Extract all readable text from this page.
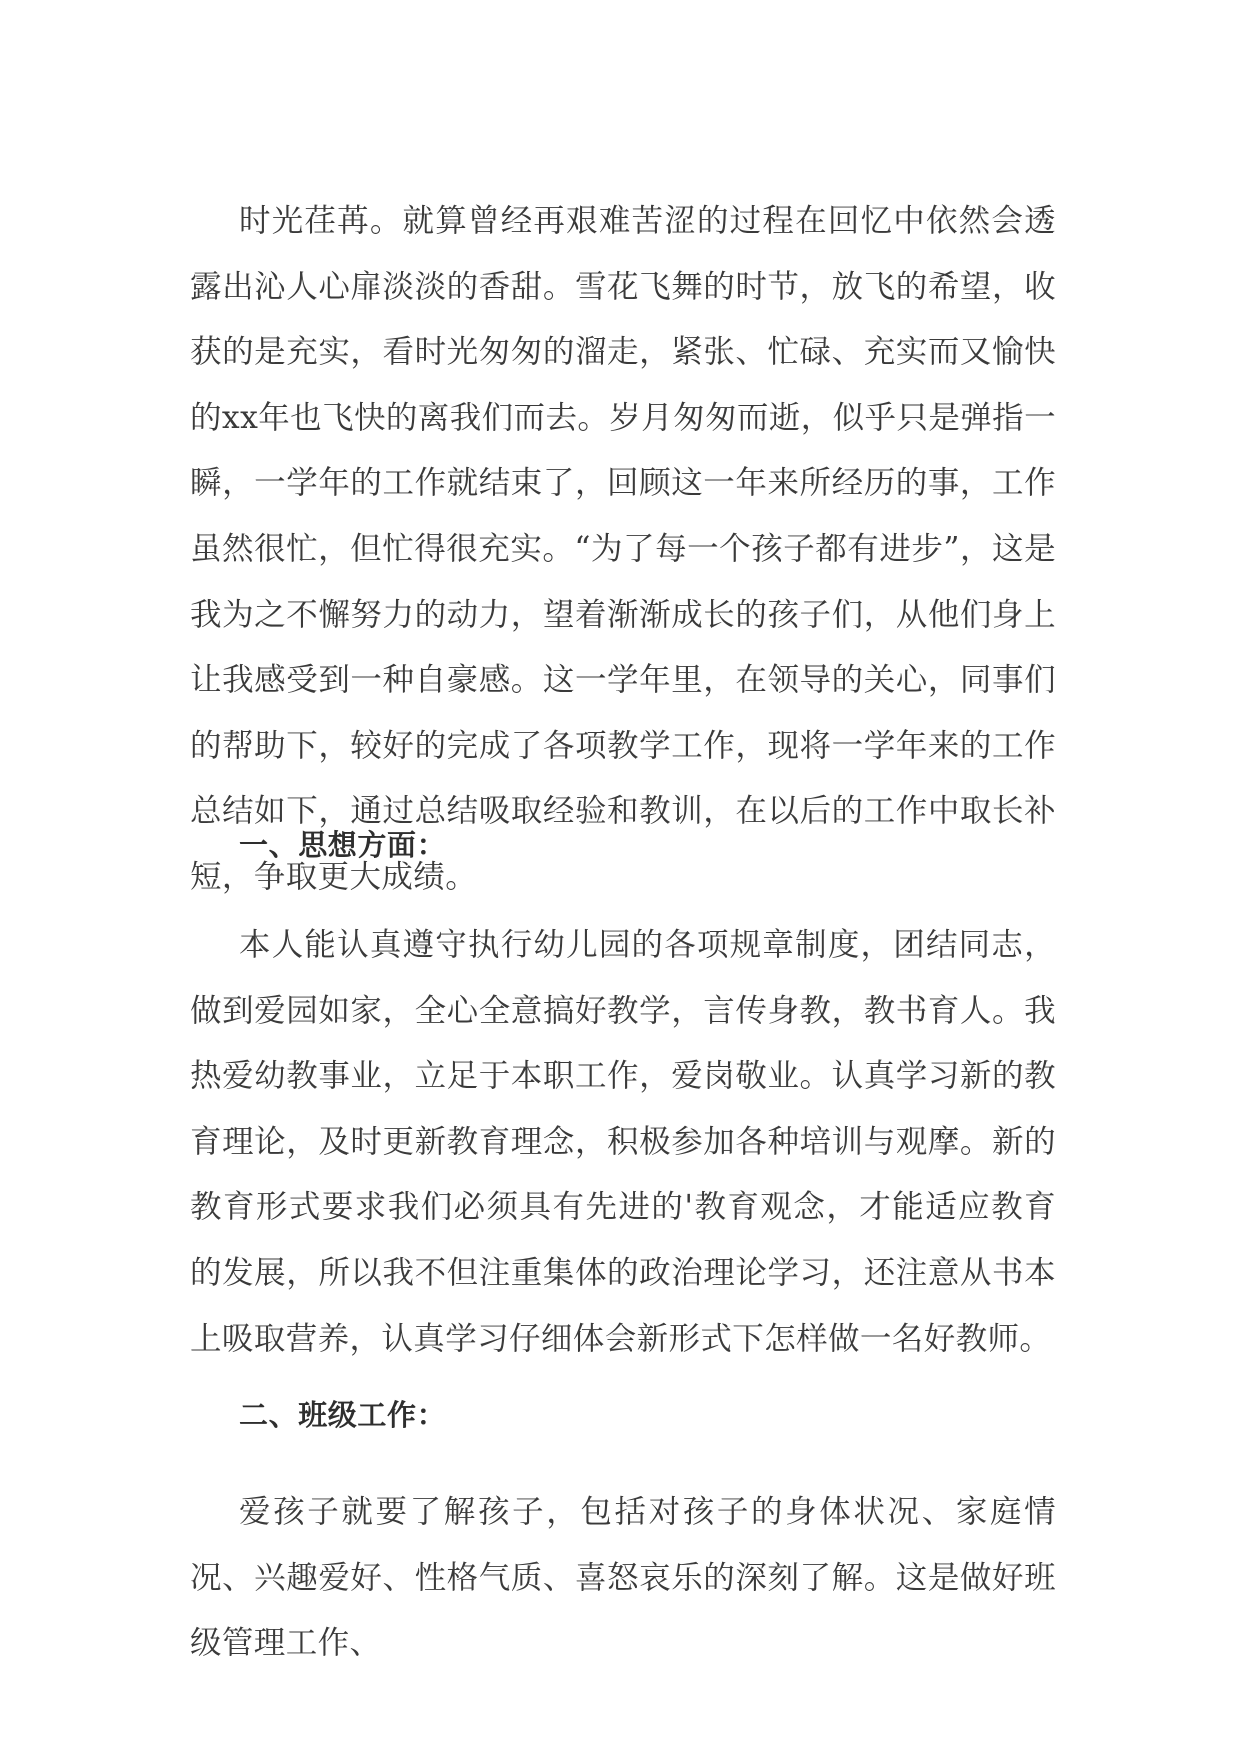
时光荏苒。就算曾经再艰难苦涩的过程在回忆中依然会透露出沁人心扉淡淡的香甜。雪花飞舞的时节，放飞的希望，收获的是充实，看时光匆匆的溜走，紧张、忙碌、充实而又愉快的xx年也飞快的离我们而去。岁月匆匆而逝，似乎只是弹指一瞬，一学年的工作就结束了，回顾这一年来所经历的事，工作虽然很忙，但忙得很充实。“为了每一个孩子都有进步”，这是我为之不懈努力的动力，望着渐渐成长的孩子们，从他们身上让我感受到一种自豪感。这一学年里，在领导的关心，同事们的帮助下，较好的完成了各项教学工作，现将一学年来的工作总结如下，通过总结吸取经验和教训，在以后的工作中取长补短，争取更大成绩。

一、思想方面：

本人能认真遵守执行幼儿园的各项规章制度，团结同志，做到爱园如家，全心全意搞好教学，言传身教，教书育人。我热爱幼教事业，立足于本职工作，爱岗敬业。认真学习新的教育理论，及时更新教育理念，积极参加各种培训与观摩。新的教育形式要求我们必须具有先进的'教育观念，才能适应教育的发展，所以我不但注重集体的政治理论学习，还注意从书本上吸取营养，认真学习仔细体会新形式下怎样做一名好教师。

二、班级工作：

爱孩子就要了解孩子，包括对孩子的身体状况、家庭情况、兴趣爱好、性格气质、喜怒哀乐的深刻了解。这是做好班级管理工作、
